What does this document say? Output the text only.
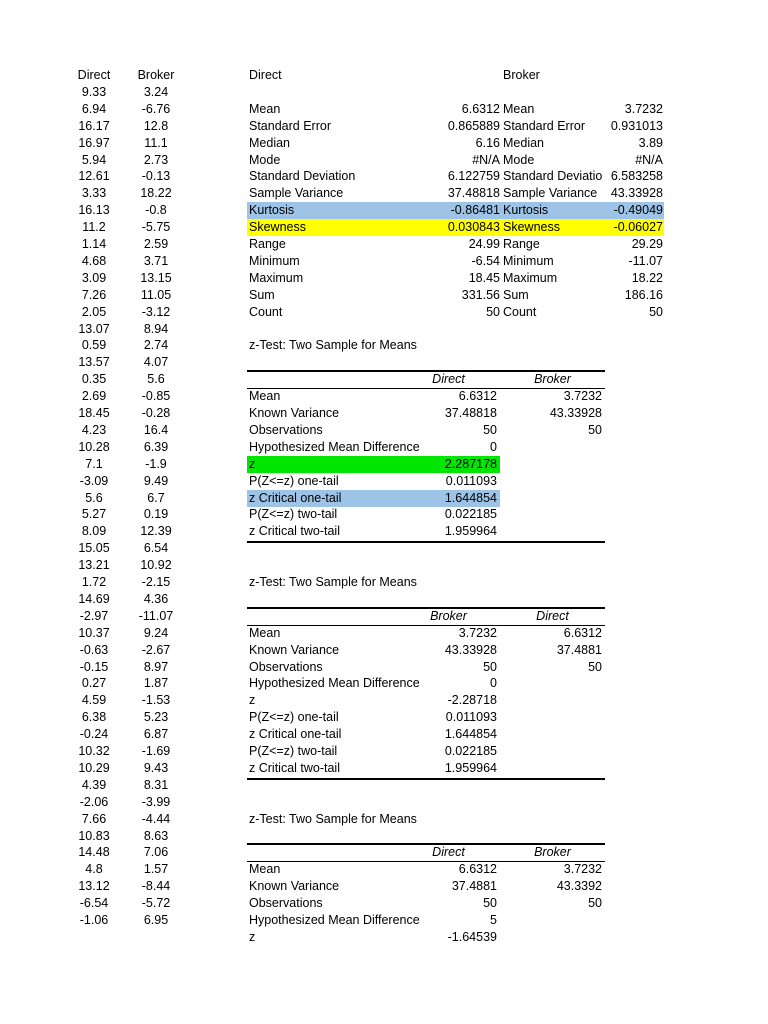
Direct	Broker
9.33	3.24
6.94	-6.76
16.17	12.8
16.97	11.1
5.94	2.73
12.61	-0.13
3.33	18.22
16.13	-0.8
11.2	-5.75
1.14	2.59
4.68	3.71
3.09	13.15
7.26	11.05
2.05	-3.12
13.07	8.94
0.59	2.74
13.57	4.07
0.35	5.6
2.69	-0.85
18.45	-0.28
4.23	16.4
10.28	6.39
7.1	-1.9
-3.09	9.49
5.6	6.7
5.27	0.19
8.09	12.39
15.05	6.54
13.21	10.92
1.72	-2.15
14.69	4.36
-2.97	-11.07
10.37	9.24
-0.63	-2.67
-0.15	8.97
0.27	1.87
4.59	-1.53
6.38	5.23
-0.24	6.87
10.32	-1.69
10.29	9.43
4.39	8.31
-2.06	-3.99
7.66	-4.44
10.83	8.63
14.48	7.06
4.8	1.57
13.12	-8.44
-6.54	-5.72
-1.06	6.95
Direct	Broker
Mean	6.6312 Mean	3.7232
Standard Error	0.865889 Standard Error	0.931013
Median	6.16 Median	3.89
Mode	#N/A Mode	#N/A
Standard Deviation	6.122759 Standard Deviatio 6.583258
Sample Variance	37.48818 Sample Variance	43.33928
Kurtosis	-0.86481 Kurtosis	-0.49049
Skewness	0.030843 Skewness	-0.06027
Range	24.99 Range	29.29
Minimum	-6.54 Minimum	-11.07
Maximum	18.45 Maximum	18.22
Sum	331.56 Sum	186.16
Count	50 Count	50
z-Test: Two Sample for Means
Direct	Broker
Mean	6.6312	3.7232
Known Variance	37.48818	43.33928
Observations	50	50
Hypothesized Mean Difference	0
z	2.287178
P(Z<=z) one-tail	0.011093
z Critical one-tail	1.644854
P(Z<=z) two-tail	0.022185
z Critical two-tail	1.959964
z-Test: Two Sample for Means
Broker	Direct
Mean	3.7232	6.6312
Known Variance	43.33928	37.4881
Observations	50	50
Hypothesized Mean Difference	0
z	-2.28718
P(Z<=z) one-tail	0.011093
z Critical one-tail	1.644854
P(Z<=z) two-tail	0.022185
z Critical two-tail	1.959964
z-Test: Two Sample for Means
Direct	Broker
Mean	6.6312	3.7232
Known Variance	37.4881	43.3392
Observations	50	50
Hypothesized Mean Difference	5
z	-1.64539
